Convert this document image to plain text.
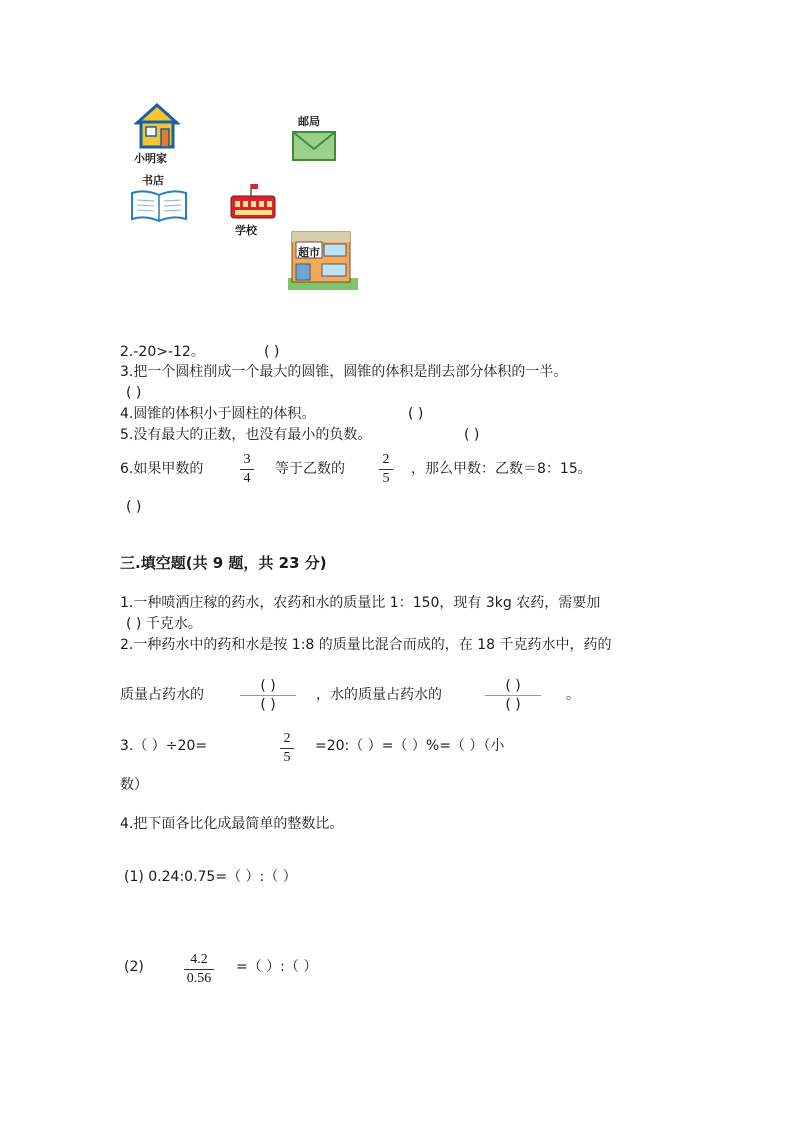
小明家
邮局
书店
学校
超市
2.-20>-12。	( )
3.把一个圆柱削成一个最大的圆锥，圆锥的体积是削去部分体积的一半。
( )
4.圆锥的体积小于圆柱的体积。	( )
5.没有最大的正数，也没有最小的负数。	( )
6.如果甲数的
3
4
等于乙数的
2
5
，那么甲数：乙数＝8：15。
( )
三.填空题(共 9 题，共 23 分)
1.一种喷洒庄稼的药水，农药和水的质量比 1：150，现有 3kg 农药，需要加
( ) 千克水。
2.一种药水中的药和水是按 1:8 的质量比混合而成的，在 18 千克药水中，药的
质量占药水的
( )
( )
，水的质量占药水的
( )
( )
。
3.（ ）÷20=	2
5
=20:（ ）=（ ）%=（ ）（小
数）
4.把下面各比化成最简单的整数比。
(1) 0.24:0.75=（ ）:（ ）
(2)	4.2
0.56
=（ ）:（ ）
